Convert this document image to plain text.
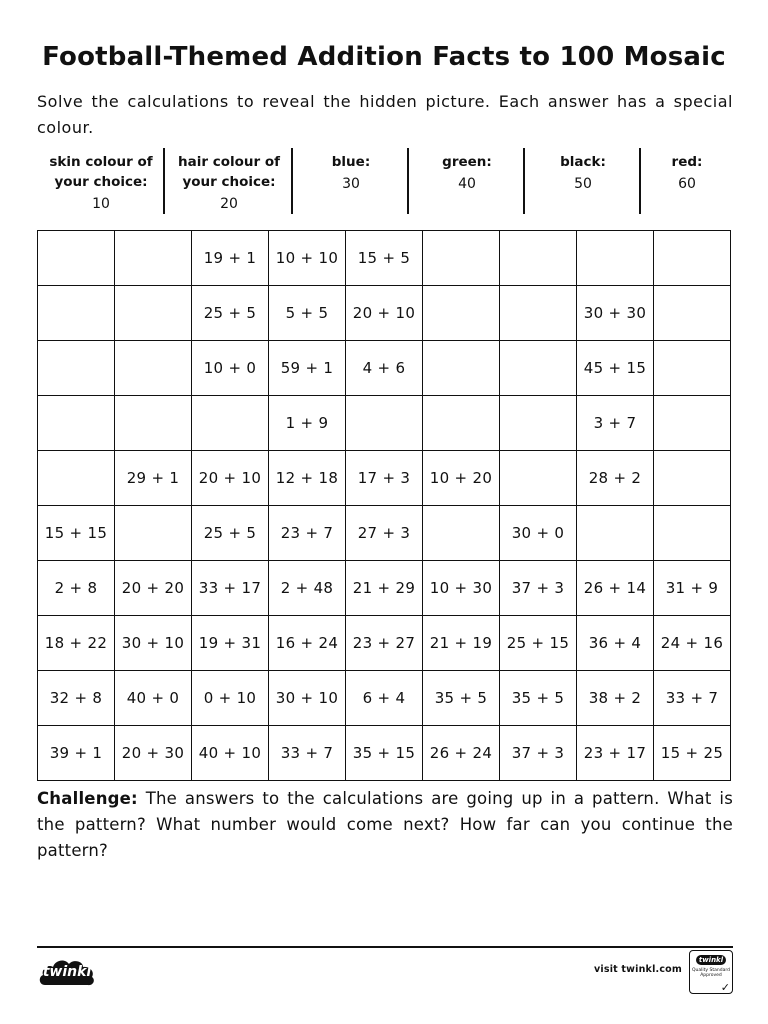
Football-Themed Addition Facts to 100 Mosaic
Solve the calculations to reveal the hidden picture. Each answer has a special colour.
skin colour of your choice:
10
hair colour of your choice:
20
blue:
30
green:
40
black:
50
red:
60
		19 + 1	10 + 10	15 + 5				
		25 + 5	5 + 5	20 + 10			30 + 30	
		10 + 0	59 + 1	4 + 6			45 + 15	
			1 + 9				3 + 7	
	29 + 1	20 + 10	12 + 18	17 + 3	10 + 20		28 + 2	
15 + 15		25 + 5	23 + 7	27 + 3		30 + 0		
2 + 8	20 + 20	33 + 17	2 + 48	21 + 29	10 + 30	37 + 3	26 + 14	31 + 9
18 + 22	30 + 10	19 + 31	16 + 24	23 + 27	21 + 19	25 + 15	36 + 4	24 + 16
32 + 8	40 + 0	0 + 10	30 + 10	6 + 4	35 + 5	35 + 5	38 + 2	33 + 7
39 + 1	20 + 30	40 + 10	33 + 7	35 + 15	26 + 24	37 + 3	23 + 17	15 + 25
Challenge: The answers to the calculations are going up in a pattern. What is the pattern? What number would come next? How far can you continue the pattern?
twinkl	visit twinkl.com
twinkl
Quality Standard Approved
✓
